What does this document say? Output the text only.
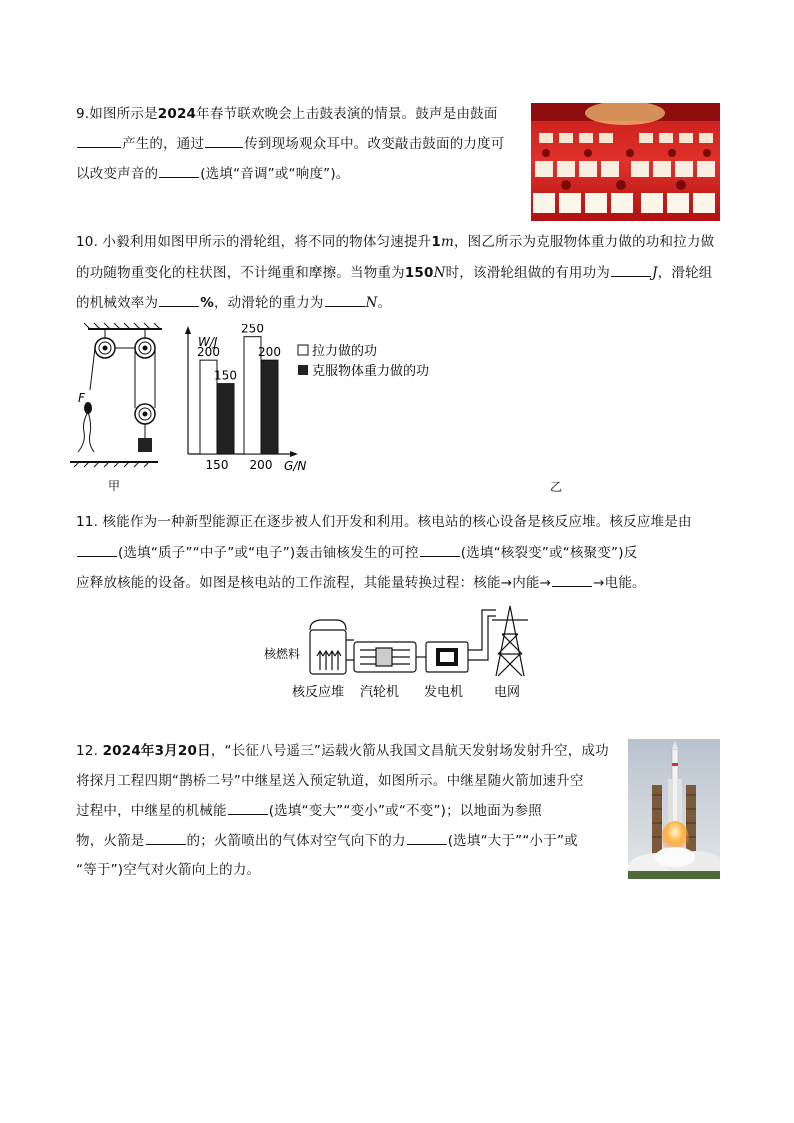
9.如图所示是2024年春节联欢晚会上击鼓表演的情景。鼓声是由鼓面
产生的，通过	传到现场观众耳中。改变敲击鼓面的力度可
以改变声音的	(选填“音调”或“响度”)。
10. 小毅利用如图甲所示的滑轮组，将不同的物体匀速提升1m，图乙所示为克服物体重力做的功和拉力做
的功随物重变化的柱状图，不计绳重和摩擦。当物重为150N时，该滑轮组做的有用功为	J，滑轮组
的机械效率为	%，动滑轮的重力为	N。
F
甲
W/J
G/N
200
150
150
250
200
200
拉力做的功
克服物体重力做的功
乙
11. 核能作为一种新型能源正在逐步被人们开发和利用。核电站的核心设备是核反应堆。核反应堆是由
(选填“质子”“中子”或“电子”)轰击铀核发生的可控	(选填“核裂变”或“核聚变”)反
应释放核能的设备。如图是核电站的工作流程，其能量转换过程：核能→内能→	→电能。
核燃料
核反应堆 汽轮机 发电机 电网
12. 2024年3月20日，“长征八号遥三”运载火箭从我国文昌航天发射场发射升空，成功
将探月工程四期“鹊桥二号”中继星送入预定轨道，如图所示。中继星随火箭加速升空
过程中，中继星的机械能	(选填“变大”“变小”或“不变”)；以地面为参照
物，火箭是	的；火箭喷出的气体对空气向下的力	(选填“大于”“小于”或
“等于”)空气对火箭向上的力。
